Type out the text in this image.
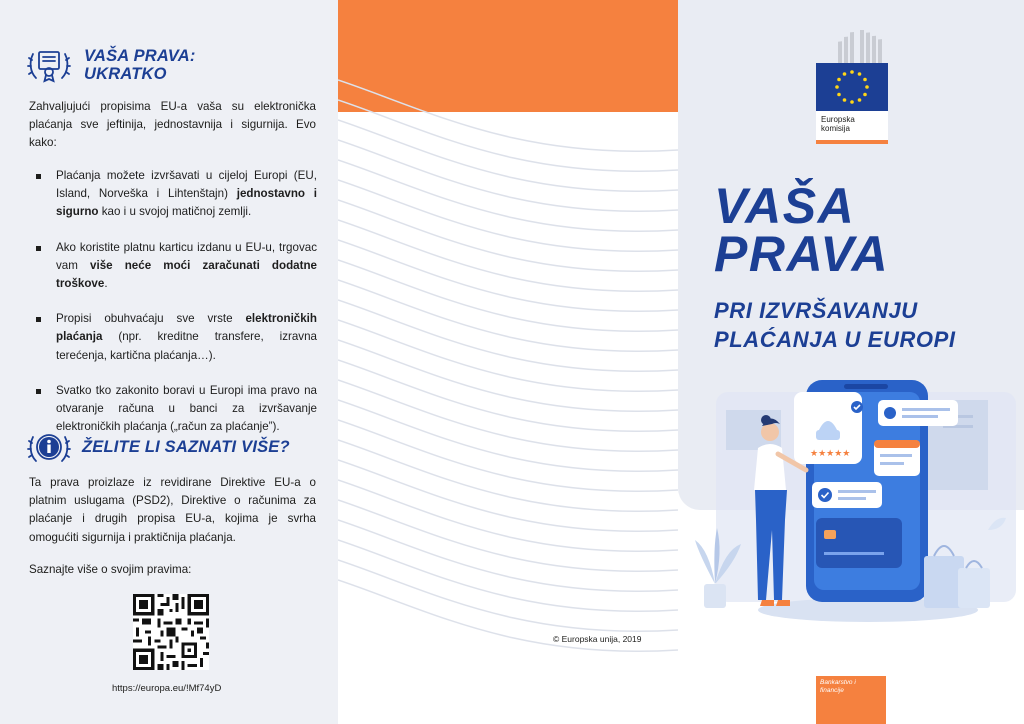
VAŠA PRAVA:
UKRATKO
Zahvaljujući propisima EU-a vaša su elektronička plaćanja sve jeftinija, jednostavnija i sigurnija. Evo kako:
Plaćanja možete izvršavati u cijeloj Europi (EU, Island, Norveška i Lihtenštajn) jednostavno i sigurno kao i u svojoj matičnoj zemlji.
Ako koristite platnu karticu izdanu u EU-u, trgovac vam više neće moći zaračunati dodatne troškove.
Propisi obuhvaćaju sve vrste elektroničkih plaćanja (npr. kreditne transfere, izravna terećenja, kartična plaćanja…).
Svatko tko zakonito boravi u Europi ima pravo na otvaranje računa u banci za izvršavanje elektroničkih plaćanja („račun za plaćanje”).
ŽELITE LI SAZNATI VIŠE?
Ta prava proizlaze iz revidirane Direktive EU-a o platnim uslugama (PSD2), Direktive o računima za plaćanje i drugih propisa EU-a, kojima je svrha omogućiti sigurnija i praktičnija plaćanja.
Saznajte više o svojim pravima:
https://europa.eu/!Mf74yD
© Europska unija, 2019
Europska
komisija
VAŠA
PRAVA
PRI IZVRŠAVANJU
PLAĆANJA U EUROPI
★★★★★
Bankarstvo i
financije
